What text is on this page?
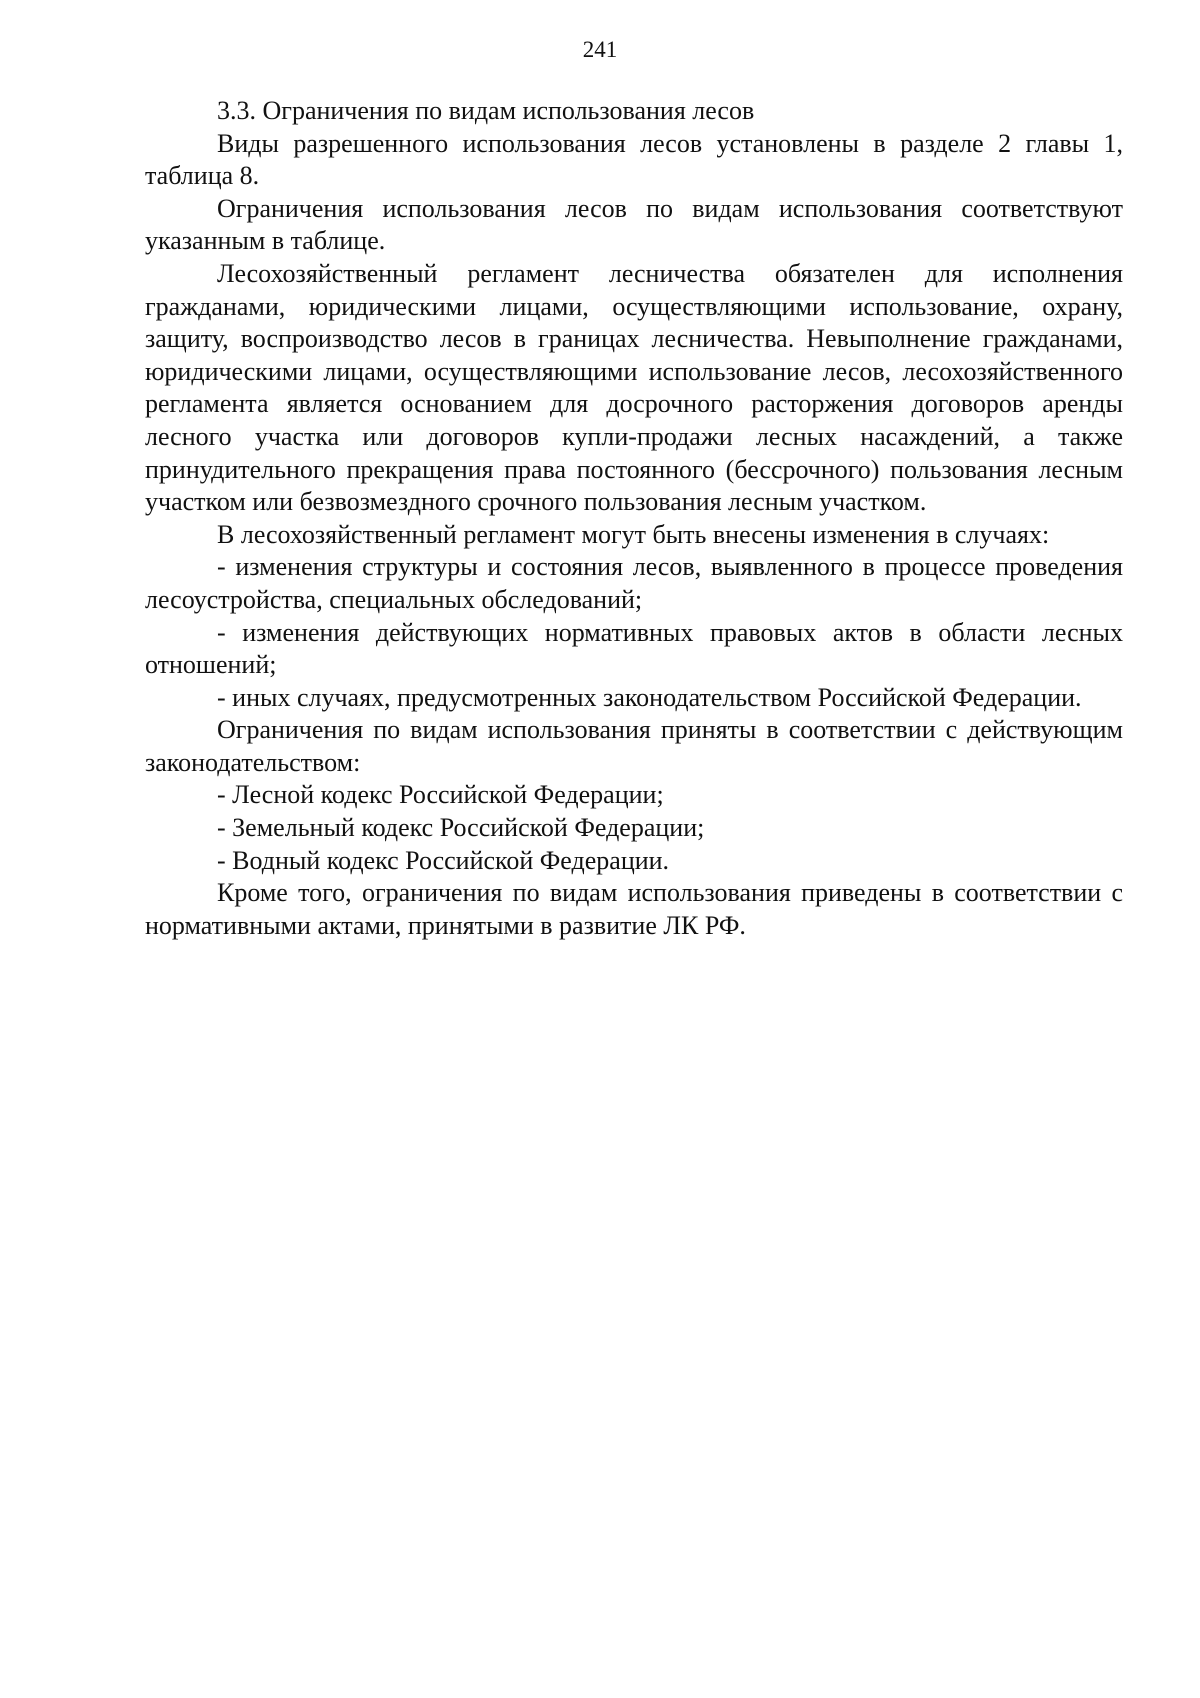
241

3.3. Ограничения по видам использования лесов

Виды разрешенного использования лесов установлены в разделе 2 главы 1, таблица 8.

Ограничения использования лесов по видам использования соответствуют указанным в таблице.

Лесохозяйственный регламент лесничества обязателен для исполнения гражданами, юридическими лицами, осуществляющими использование, охрану, защиту, воспроизводство лесов в границах лесничества. Невыполнение гражданами, юридическими лицами, осуществляющими использование лесов, лесохозяйственного регламента является основанием для досрочного расторжения договоров аренды лесного участка или договоров купли-продажи лесных насаждений, а также принудительного прекращения права постоянного (бессрочного) пользования лесным участком или безвозмездного срочного пользования лесным участком.

В лесохозяйственный регламент могут быть внесены изменения в случаях:

- изменения структуры и состояния лесов, выявленного в процессе проведения лесоустройства, специальных обследований;

- изменения действующих нормативных правовых актов в области лесных отношений;

- иных случаях, предусмотренных законодательством Российской Федерации.

Ограничения по видам использования приняты в соответствии с действующим законодательством:

- Лесной кодекс Российской Федерации;

- Земельный кодекс Российской Федерации;

- Водный кодекс Российской Федерации.

Кроме того, ограничения по видам использования приведены в соответствии с нормативными актами, принятыми в развитие ЛК РФ.
